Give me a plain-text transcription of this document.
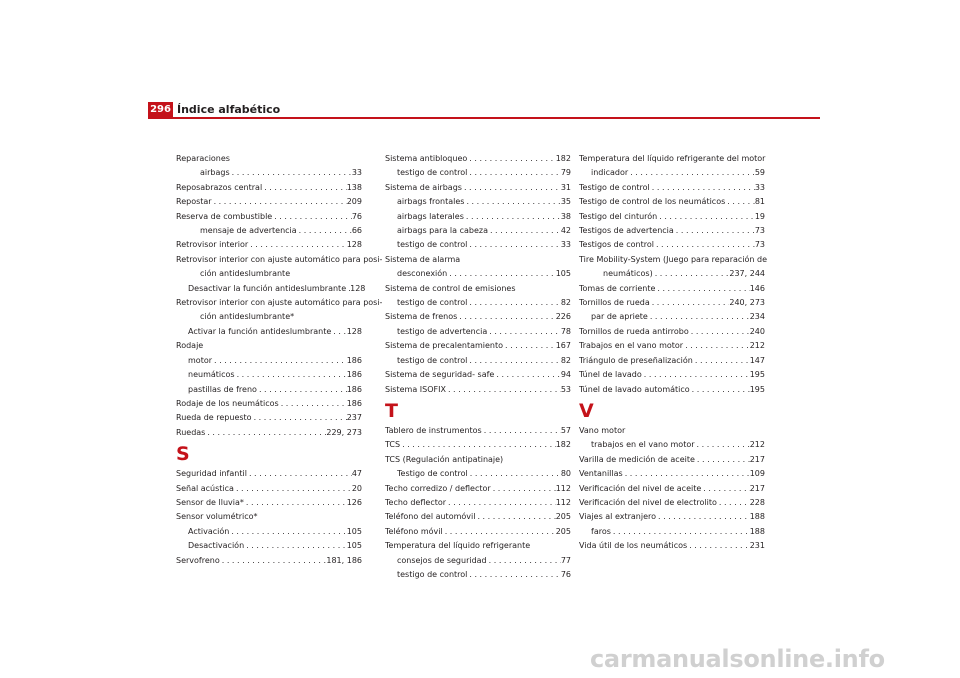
296 Índice alfabético
Reparaciones
airbags . . .	33
Reposabrazos central . . .	138
Repostar . . .	209
Reserva de combustible . . .	76
mensaje de advertencia . . .	66
Retrovisor interior . . .	128
Retrovisor interior con ajuste automático para posi-
ción antideslumbrante
Desactivar la función antideslumbrante . . . 128
Retrovisor interior con ajuste automático para posi-
ción antideslumbrante*
Activar la función antideslumbrante . . . 128
Rodaje
motor . . .	186
neumáticos . . .	186
pastillas de freno . . .	186
Rodaje de los neumáticos . . .	186
Rueda de repuesto . . .	237
Ruedas . . .	229, 273
S
Seguridad infantil . . .	47
Señal acústica . . .	20
Sensor de lluvia* . . .	126
Sensor volumétrico*
Activación . . .	105
Desactivación . . .	105
Servofreno . . .	181, 186
Sistema antibloqueo . . .	182
testigo de control . . .	79
Sistema de airbags . . .	31
airbags frontales . . .	35
airbags laterales . . .	38
airbags para la cabeza . . .	42
testigo de control . . .	33
Sistema de alarma
desconexión . . .	105
Sistema de control de emisiones
testigo de control . . .	82
Sistema de frenos . . .	226
testigo de advertencia . . .	78
Sistema de precalentamiento . . .	167
testigo de control . . .	82
Sistema de seguridad- safe . . .	94
Sistema ISOFIX . . .	53
T
Tablero de instrumentos . . .	57
TCS . . .	182
TCS (Regulación antipatinaje)
Testigo de control . . .	80
Techo corredizo / deflector . . .	112
Techo deflector . . .	112
Teléfono del automóvil . . .	205
Teléfono móvil . . .	205
Temperatura del líquido refrigerante
consejos de seguridad . . .	77
testigo de control . . .	76
Temperatura del líquido refrigerante del motor
indicador . . .	59
Testigo de control . . .	33
Testigo de control de los neumáticos . . .	81
Testigo del cinturón . . .	19
Testigos de advertencia . . .	73
Testigos de control . . .	73
Tire Mobility-System (Juego para reparación de
neumáticos) . . .	237, 244
Tomas de corriente . . .	146
Tornillos de rueda . . .	240, 273
par de apriete . . .	234
Tornillos de rueda antirrobo . . .	240
Trabajos en el vano motor . . .	212
Triángulo de preseñalización . . .	147
Túnel de lavado . . .	195
Túnel de lavado automático . . .	195
V
Vano motor
trabajos en el vano motor . . .	212
Varilla de medición de aceite . . .	217
Ventanillas . . .	109
Verificación del nivel de aceite . . .	217
Verificación del nivel de electrolito . . .	228
Viajes al extranjero . . .	188
faros . . .	188
Vida útil de los neumáticos . . .	231
carmanualsonline.info
